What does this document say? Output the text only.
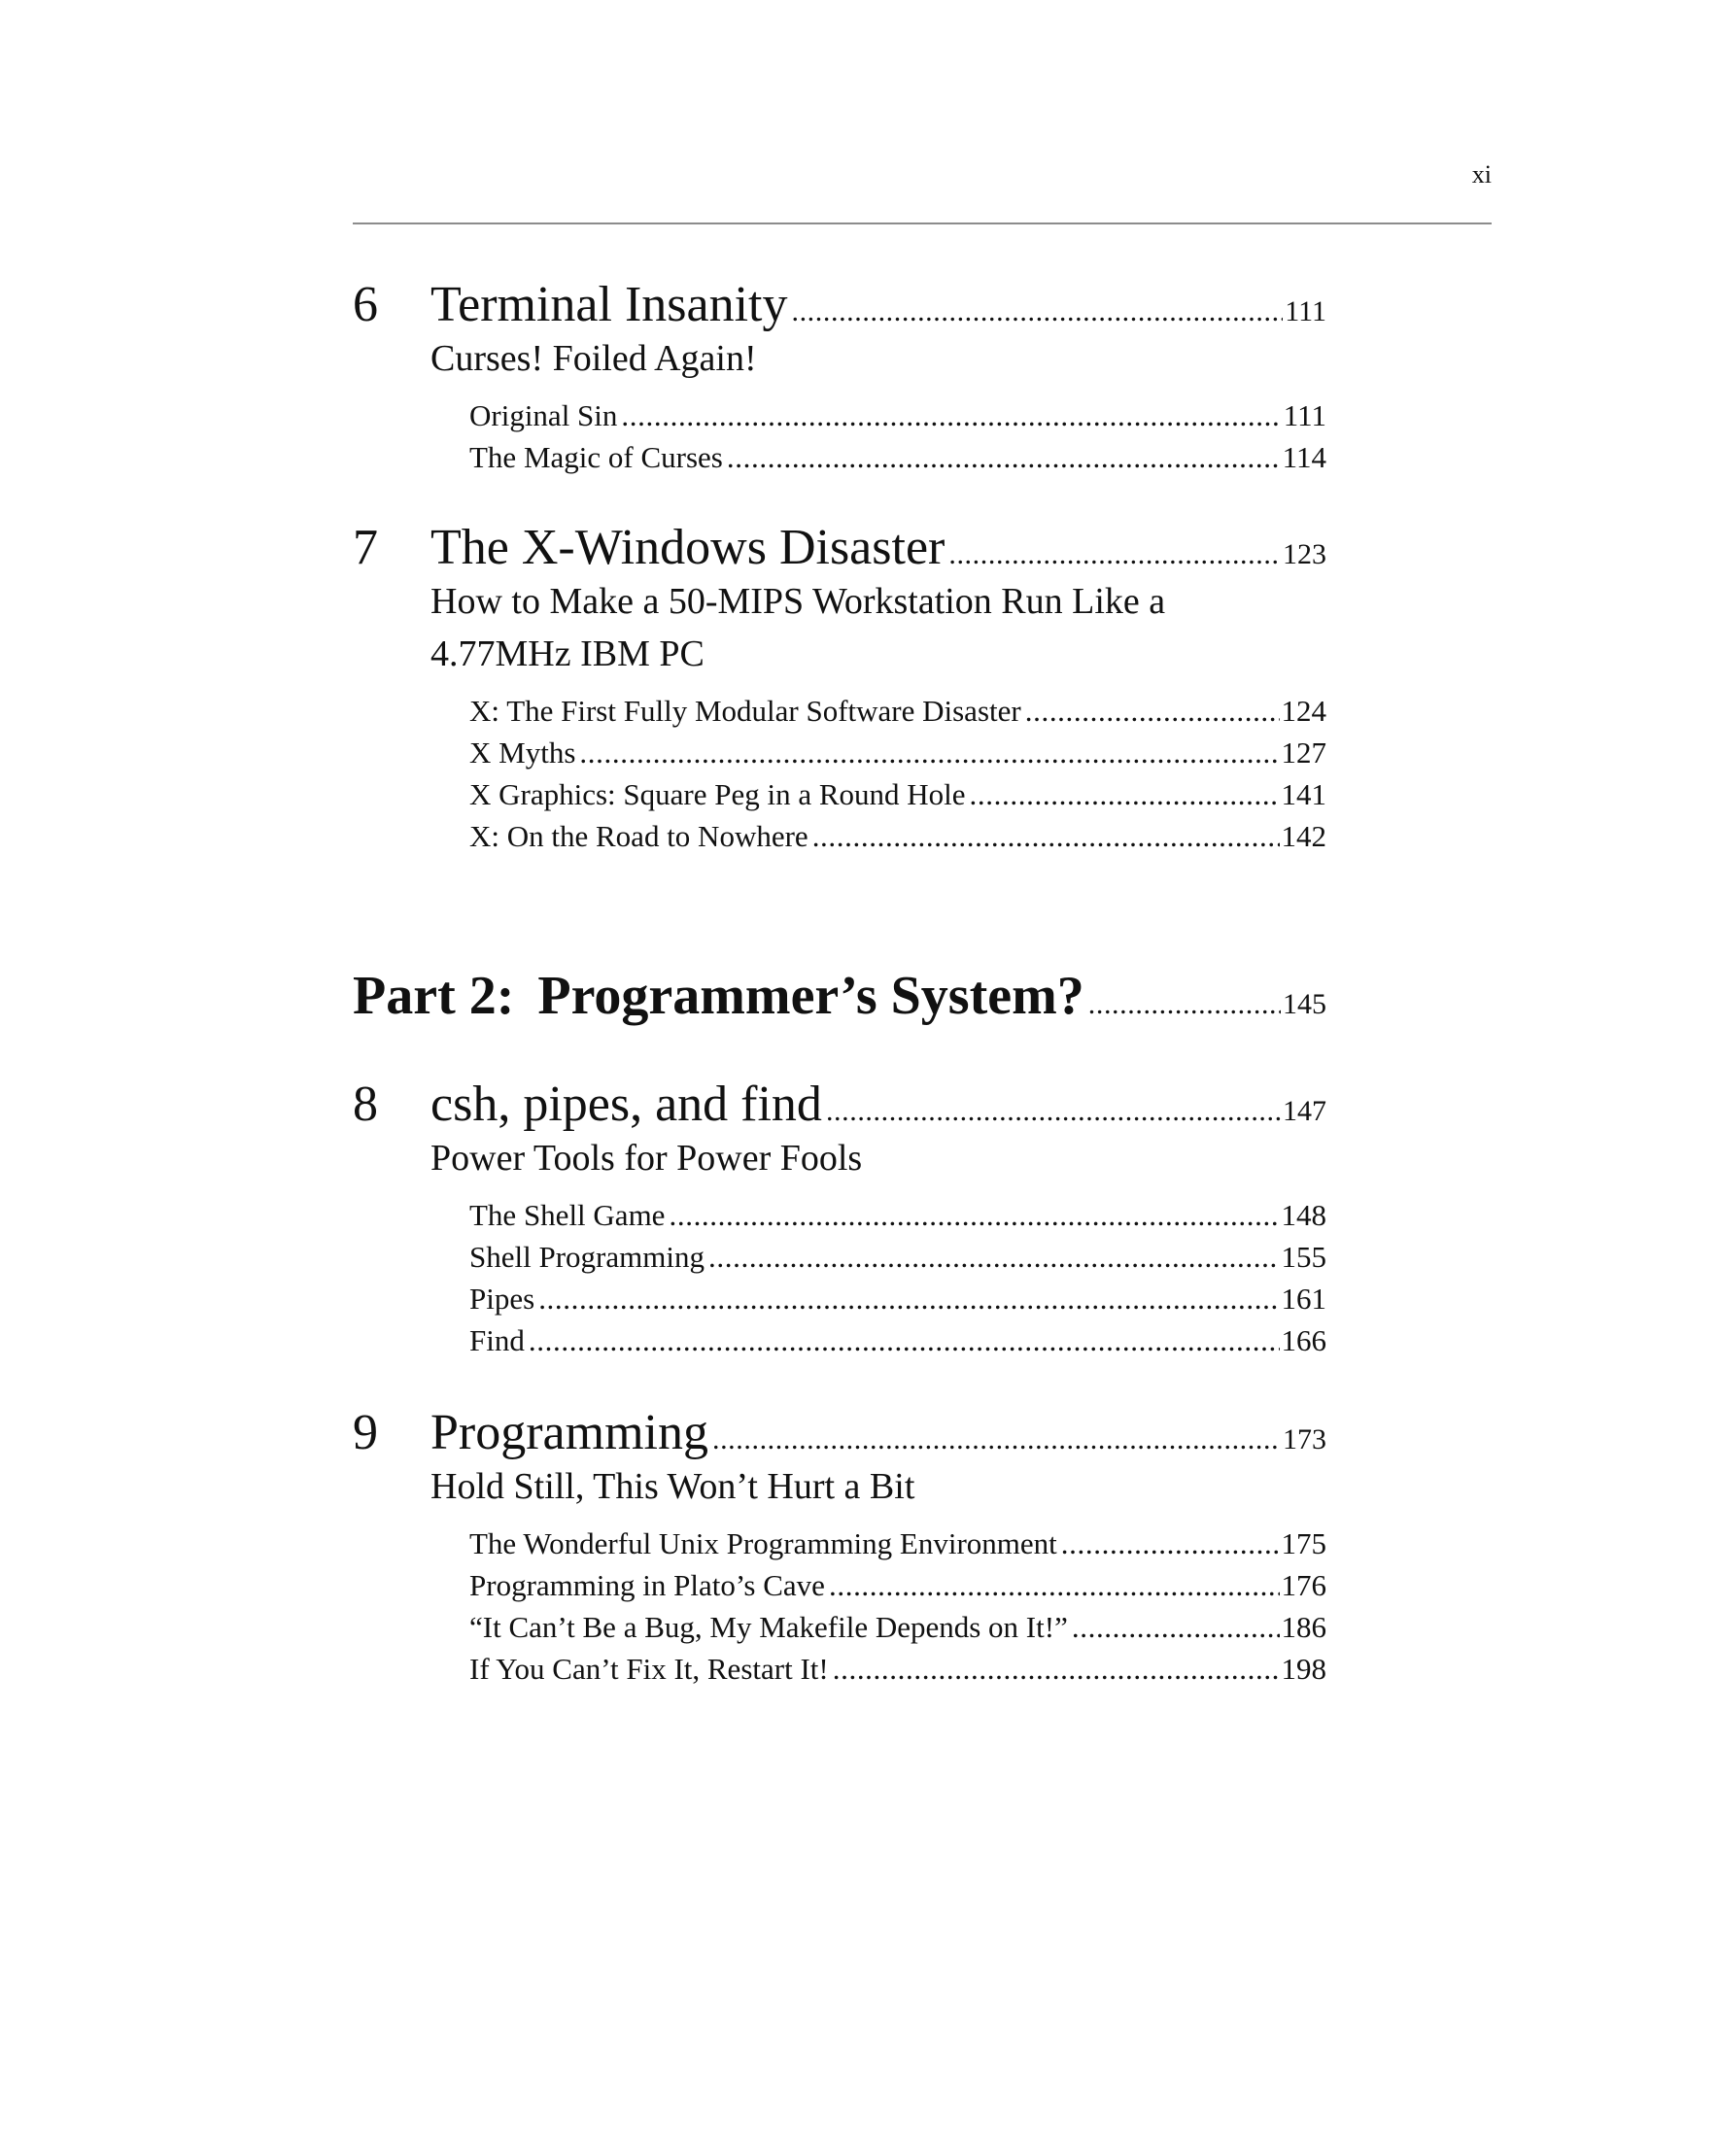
xi
6 Terminal Insanity .....	111
Curses! Foiled Again!
Original Sin .....	111
The Magic of Curses .....	114
7 The X-Windows Disaster .....	123
How to Make a 50-MIPS Workstation Run Like a
4.77MHz IBM PC
X: The First Fully Modular Software Disaster .....	124
X Myths .....	127
X Graphics: Square Peg in a Round Hole .....	141
X: On the Road to Nowhere .....	142
Part 2: Programmer’s System? .....	145
8 csh, pipes, and find .....	147
Power Tools for Power Fools
The Shell Game .....	148
Shell Programming .....	155
Pipes .....	161
Find .....	166
9 Programming .....	173
Hold Still, This Won’t Hurt a Bit
The Wonderful Unix Programming Environment .....	175
Programming in Plato’s Cave .....	176
“It Can’t Be a Bug, My Makefile Depends on It!” .....	186
If You Can’t Fix It, Restart It! .....	198
